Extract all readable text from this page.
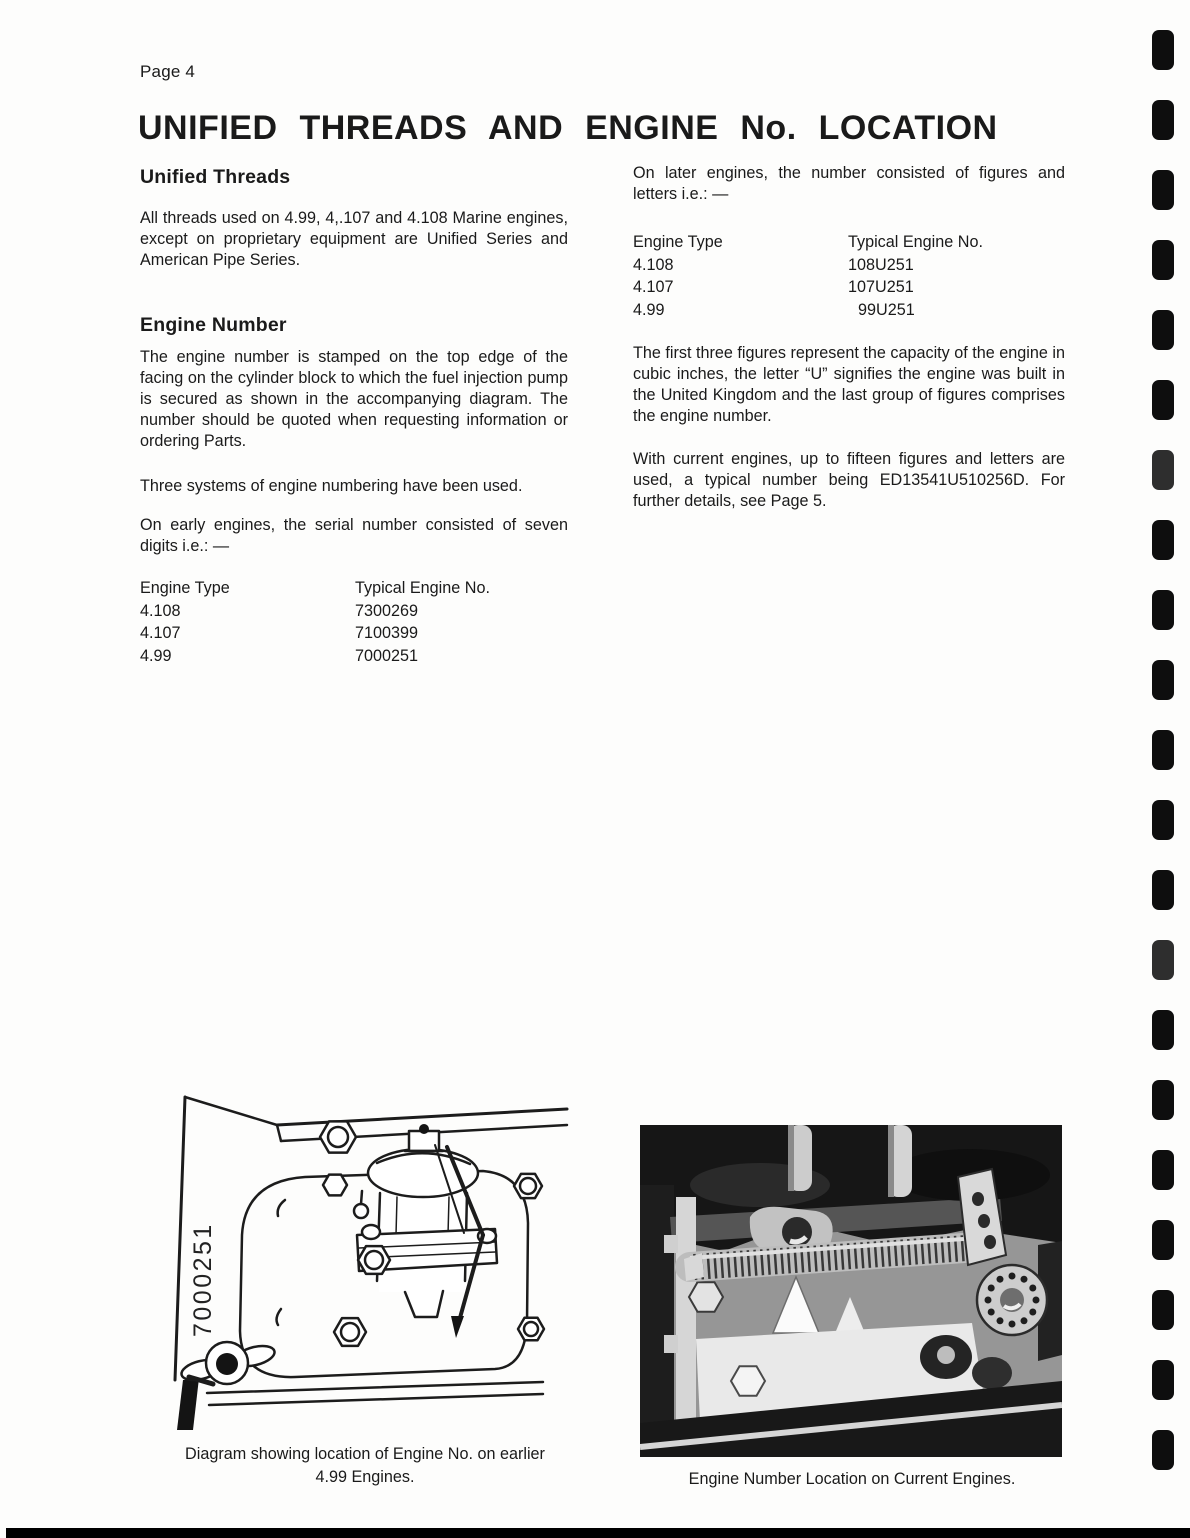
Page 4
UNIFIED THREADS AND ENGINE No. LOCATION
Unified Threads

All threads used on 4.99, 4,.107 and 4.108 Marine engines, except on proprietary equipment are Unified Series and American Pipe Series.

Engine Number

The engine number is stamped on the top edge of the facing on the cylinder block to which the fuel injection pump is secured as shown in the accompanying diagram. The number should be quoted when requesting information or ordering Parts.

Three systems of engine numbering have been used.

On early engines, the serial number consisted of seven digits i.e.: —

Engine Type	Typical Engine No.
4.108	7300269
4.107	7100399
4.99	7000251

On later engines, the number consisted of figures and letters i.e.: —

Engine Type	Typical Engine No.
4.108	108U251
4.107	107U251
4.99	99U251

The first three figures represent the capacity of the engine in cubic inches, the letter “U” signifies the engine was built in the United Kingdom and the last group of figures comprises the engine number.

With current engines, up to fifteen figures and letters are used, a typical number being ED13541U510256D. For further details, see Page 5.

7000251
Diagram showing location of Engine No. on earlier
4.99 Engines.	Engine Number Location on Current Engines.
